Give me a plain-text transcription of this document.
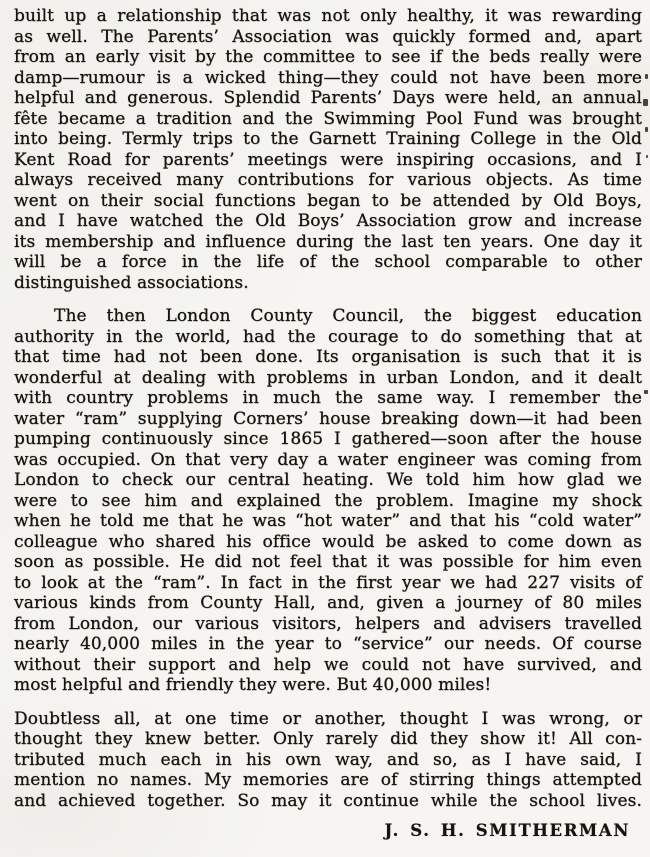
built up a relationship that was not only healthy, it was rewarding
as well. The Parents’ Association was quickly formed and, apart
from an early visit by the committee to see if the beds really were
damp—rumour is a wicked thing—they could not have been more
helpful and generous. Splendid Parents’ Days were held, an annual
fête became a tradition and the Swimming Pool Fund was brought
into being. Termly trips to the Garnett Training College in the Old
Kent Road for parents’ meetings were inspiring occasions, and I
always received many contributions for various objects. As time
went on their social functions began to be attended by Old Boys,
and I have watched the Old Boys’ Association grow and increase
its membership and influence during the last ten years. One day it
will be a force in the life of the school comparable to other
distinguished associations.
The then London County Council, the biggest education
authority in the world, had the courage to do something that at
that time had not been done. Its organisation is such that it is
wonderful at dealing with problems in urban London, and it dealt
with country problems in much the same way. I remember the
water “ram” supplying Corners’ house breaking down—it had been
pumping continuously since 1865 I gathered—soon after the house
was occupied. On that very day a water engineer was coming from
London to check our central heating. We told him how glad we
were to see him and explained the problem. Imagine my shock
when he told me that he was “hot water” and that his “cold water”
colleague who shared his office would be asked to come down as
soon as possible. He did not feel that it was possible for him even
to look at the “ram”. In fact in the first year we had 227 visits of
various kinds from County Hall, and, given a journey of 80 miles
from London, our various visitors, helpers and advisers travelled
nearly 40,000 miles in the year to “service” our needs. Of course
without their support and help we could not have survived, and
most helpful and friendly they were. But 40,000 miles!
Doubtless all, at one time or another, thought I was wrong, or
thought they knew better. Only rarely did they show it! All con-
tributed much each in his own way, and so, as I have said, I
mention no names. My memories are of stirring things attempted
and achieved together. So may it continue while the school lives.
J. S. H. SMITHERMAN
